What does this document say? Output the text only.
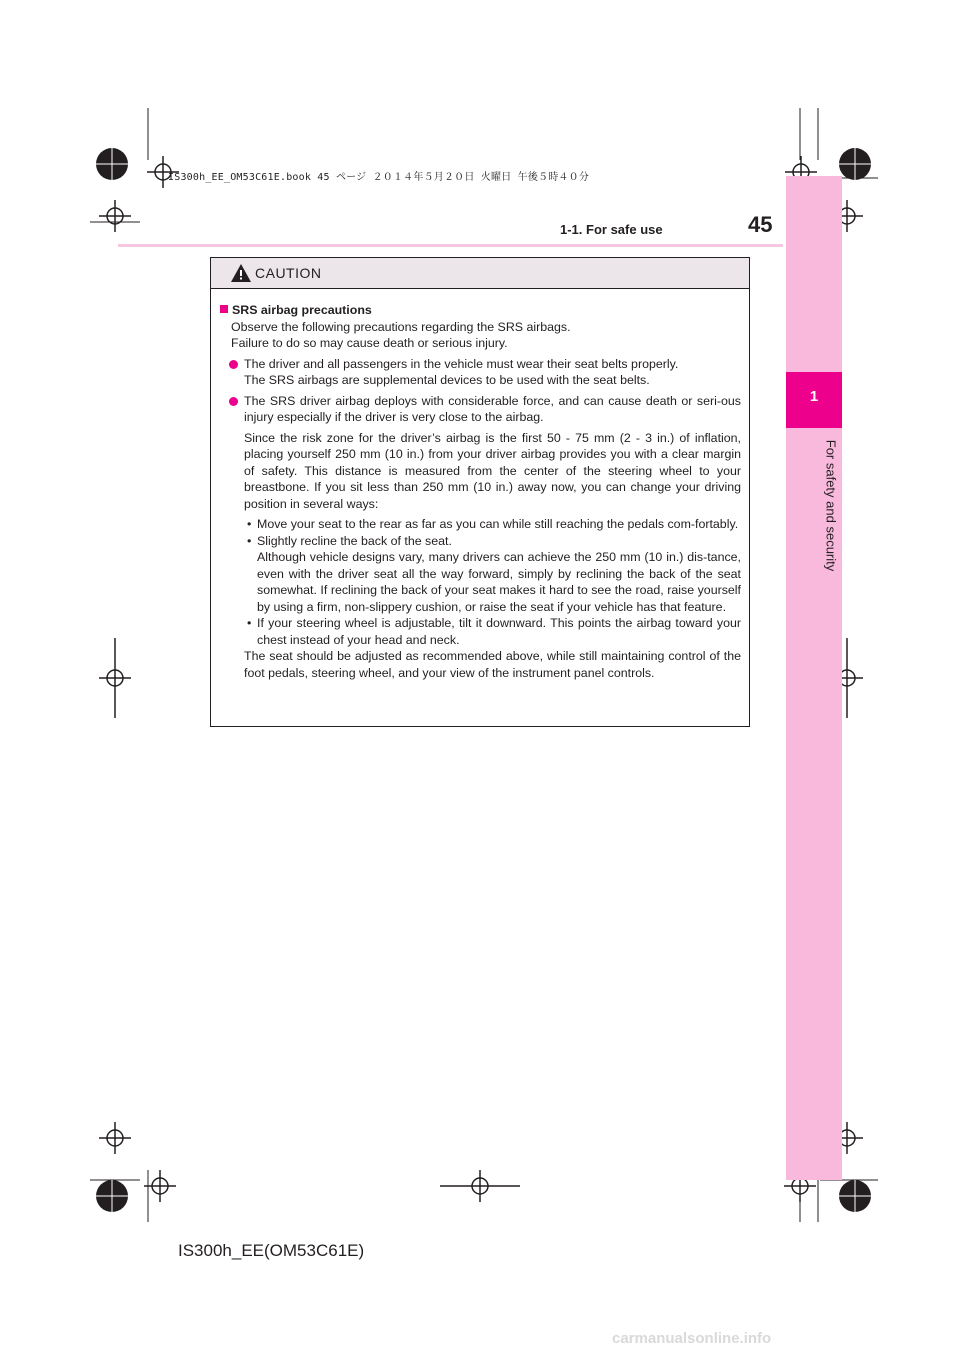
1
For safety and security
IS300h_EE_OM53C61E.book 45 ページ ２０１４年５月２０日 火曜日 午後５時４０分
1-1. For safe use	45
CAUTION
SRS airbag precautions
Observe the following precautions regarding the SRS airbags.
Failure to do so may cause death or serious injury.
The driver and all passengers in the vehicle must wear their seat belts properly.
The SRS airbags are supplemental devices to be used with the seat belts.
The SRS driver airbag deploys with considerable force, and can cause death or seri-ous injury especially if the driver is very close to the airbag.
Since the risk zone for the driver’s airbag is the first 50 - 75 mm (2 - 3 in.) of inflation, placing yourself 250 mm (10 in.) from your driver airbag provides you with a clear margin of safety. This distance is measured from the center of the steering wheel to your breastbone. If you sit less than 250 mm (10 in.) away now, you can change your driving position in several ways:
• Move your seat to the rear as far as you can while still reaching the pedals com-fortably.
• Slightly recline the back of the seat.
Although vehicle designs vary, many drivers can achieve the 250 mm (10 in.) dis-tance, even with the driver seat all the way forward, simply by reclining the back of the seat somewhat. If reclining the back of your seat makes it hard to see the road, raise yourself by using a firm, non-slippery cushion, or raise the seat if your vehicle has that feature.
• If your steering wheel is adjustable, tilt it downward. This points the airbag toward your chest instead of your head and neck.
The seat should be adjusted as recommended above, while still maintaining control of the foot pedals, steering wheel, and your view of the instrument panel controls.
IS300h_EE(OM53C61E)
carmanualsonline.info
